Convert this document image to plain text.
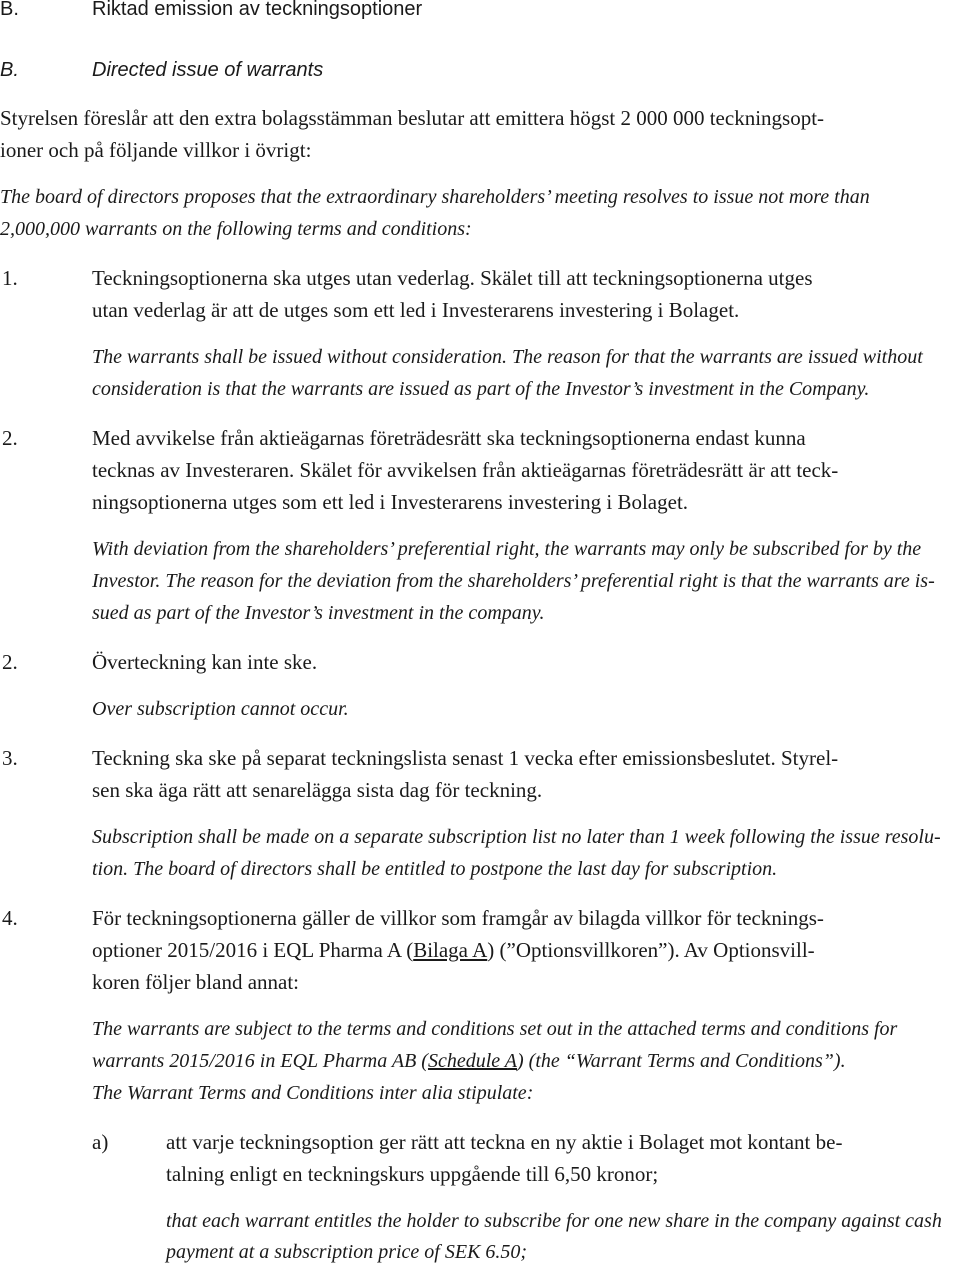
B.	Riktad emission av teckningsoptioner
B.	Directed issue of warrants
Styrelsen föreslår att den extra bolagsstämman beslutar att emittera högst 2 000 000 teckningsopt-
ioner och på följande villkor i övrigt:
The board of directors proposes that the extraordinary shareholders’ meeting resolves to issue not more than
2,000,000 warrants on the following terms and conditions:
1.	Teckningsoptionerna ska utges utan vederlag. Skälet till att teckningsoptionerna utges
utan vederlag är att de utges som ett led i Investerarens investering i Bolaget.
The warrants shall be issued without consideration. The reason for that the warrants are issued without
consideration is that the warrants are issued as part of the Investor’s investment in the Company.
2.	Med avvikelse från aktieägarnas företrädesrätt ska teckningsoptionerna endast kunna
tecknas av Investeraren. Skälet för avvikelsen från aktieägarnas företrädesrätt är att teck-
ningsoptionerna utges som ett led i Investerarens investering i Bolaget.
With deviation from the shareholders’ preferential right, the warrants may only be subscribed for by the
Investor. The reason for the deviation from the shareholders’ preferential right is that the warrants are is-
sued as part of the Investor’s investment in the company.
2.	Överteckning kan inte ske.
Over subscription cannot occur.
3.	Teckning ska ske på separat teckningslista senast 1 vecka efter emissionsbeslutet. Styrel-
sen ska äga rätt att senarelägga sista dag för teckning.
Subscription shall be made on a separate subscription list no later than 1 week following the issue resolu-
tion. The board of directors shall be entitled to postpone the last day for subscription.
4.	För teckningsoptionerna gäller de villkor som framgår av bilagda villkor för tecknings-
optioner 2015/2016 i EQL Pharma A (Bilaga A) (”Optionsvillkoren”). Av Optionsvill-
koren följer bland annat:
The warrants are subject to the terms and conditions set out in the attached terms and conditions for
warrants 2015/2016 in EQL Pharma AB (Schedule A) (the “Warrant Terms and Conditions”).
The Warrant Terms and Conditions inter alia stipulate:
a)	att varje teckningsoption ger rätt att teckna en ny aktie i Bolaget mot kontant be-
talning enligt en teckningskurs uppgående till 6,50 kronor;
that each warrant entitles the holder to subscribe for one new share in the company against cash
payment at a subscription price of SEK 6.50;
